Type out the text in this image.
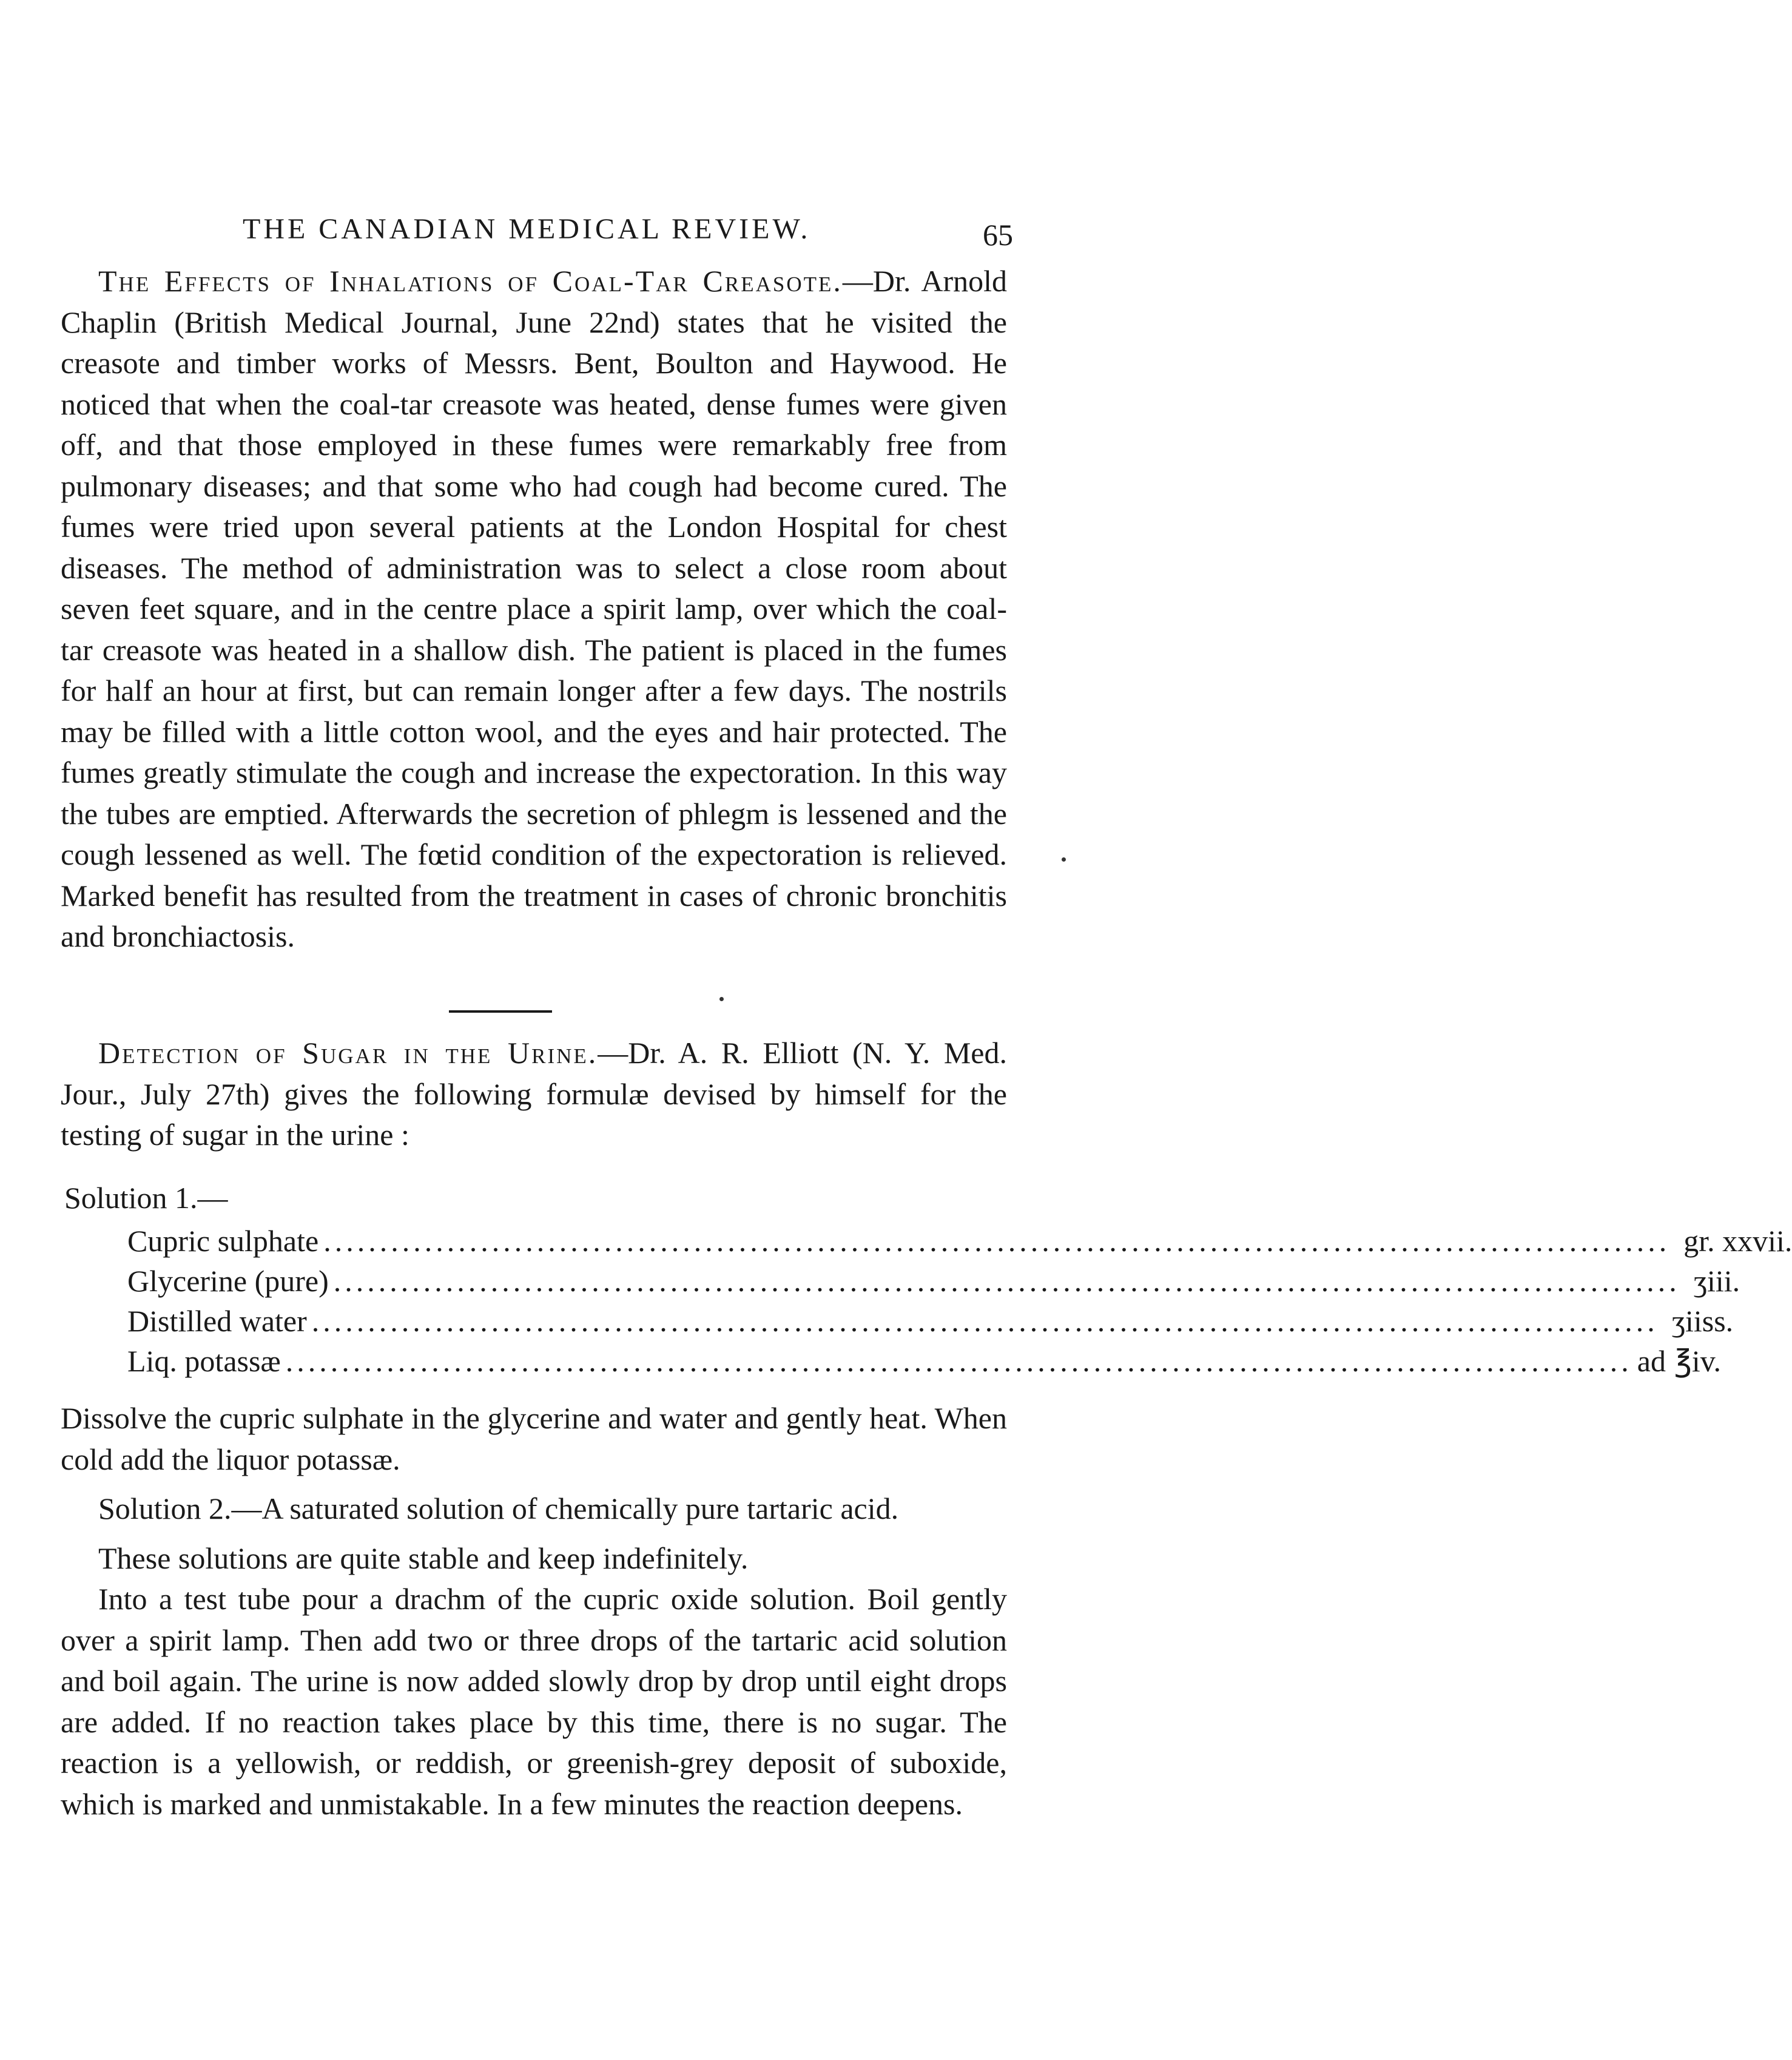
THE CANADIAN MEDICAL REVIEW.	65

The Effects of Inhalations of Coal-Tar Creasote.—Dr. Arnold Chaplin (British Medical Journal, June 22nd) states that he visited the creasote and timber works of Messrs. Bent, Boulton and Haywood. He noticed that when the coal-tar creasote was heated, dense fumes were given off, and that those employed in these fumes were remarkably free from pulmonary diseases; and that some who had cough had become cured. The fumes were tried upon several patients at the London Hospital for chest diseases. The method of administration was to select a close room about seven feet square, and in the centre place a spirit lamp, over which the coal-tar creasote was heated in a shallow dish. The patient is placed in the fumes for half an hour at first, but can remain longer after a few days. The nostrils may be filled with a little cotton wool, and the eyes and hair protected. The fumes greatly stimulate the cough and increase the expectoration. In this way the tubes are emptied. Afterwards the secretion of phlegm is lessened and the cough lessened as well. The fœtid condition of the expectoration is relieved. Marked benefit has resulted from the treatment in cases of chronic bronchitis and bronchiactosis.

Detection of Sugar in the Urine.—Dr. A. R. Elliott (N. Y. Med. Jour., July 27th) gives the following formulæ devised by himself for the testing of sugar in the urine :

Solution 1.—

Cupric sulphate ........................................................................................................................ gr. xxvii.
Glycerine (pure) ........................................................................................................................ ʒiii.
Distilled water ........................................................................................................................ ʒiiss.
Liq. potassæ ........................................................................................................................ ad ℥iv.

Dissolve the cupric sulphate in the glycerine and water and gently heat. When cold add the liquor potassæ.

Solution 2.—A saturated solution of chemically pure tartaric acid.

These solutions are quite stable and keep indefinitely.

Into a test tube pour a drachm of the cupric oxide solution. Boil gently over a spirit lamp. Then add two or three drops of the tartaric acid solution and boil again. The urine is now added slowly drop by drop until eight drops are added. If no reaction takes place by this time, there is no sugar. The reaction is a yellowish, or reddish, or greenish-grey deposit of suboxide, which is marked and unmistakable. In a few minutes the reaction deepens.
